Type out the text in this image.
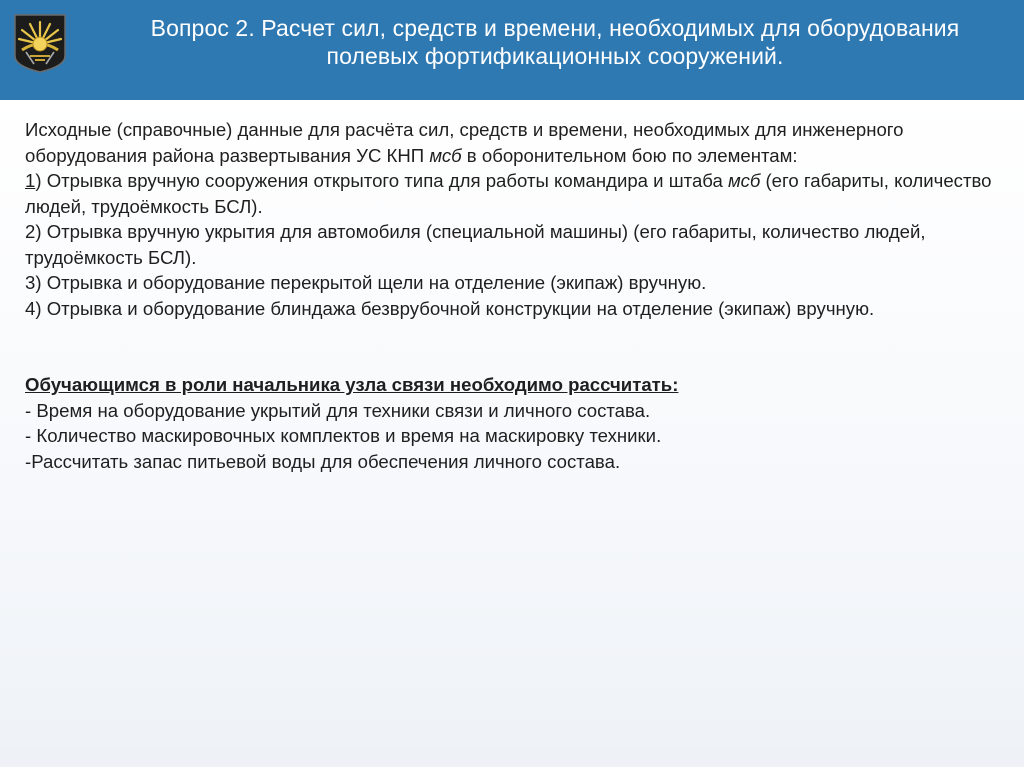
Вопрос 2. Расчет сил, средств и времени, необходимых для оборудования
полевых фортификационных сооружений.

Исходные (справочные) данные для расчёта сил, средств и времени, необходимых для инженерного оборудования района развертывания УС КНП мсб в оборонительном бою по элементам:

1) Отрывка вручную сооружения открытого типа для работы командира и штаба мсб (его габариты, количество людей, трудоёмкость БСЛ).

2) Отрывка вручную укрытия для автомобиля (специальной машины) (его габариты, количество людей, трудоёмкость БСЛ).

3) Отрывка и оборудование перекрытой щели на отделение (экипаж) вручную.

4) Отрывка и оборудование блиндажа безврубочной конструкции на отделение (экипаж) вручную.

Обучающимся в роли начальника узла связи необходимо рассчитать:

- Время на оборудование укрытий для техники связи и личного состава.

- Количество маскировочных комплектов и время на маскировку техники.

-Рассчитать запас питьевой воды для обеспечения личного состава.
